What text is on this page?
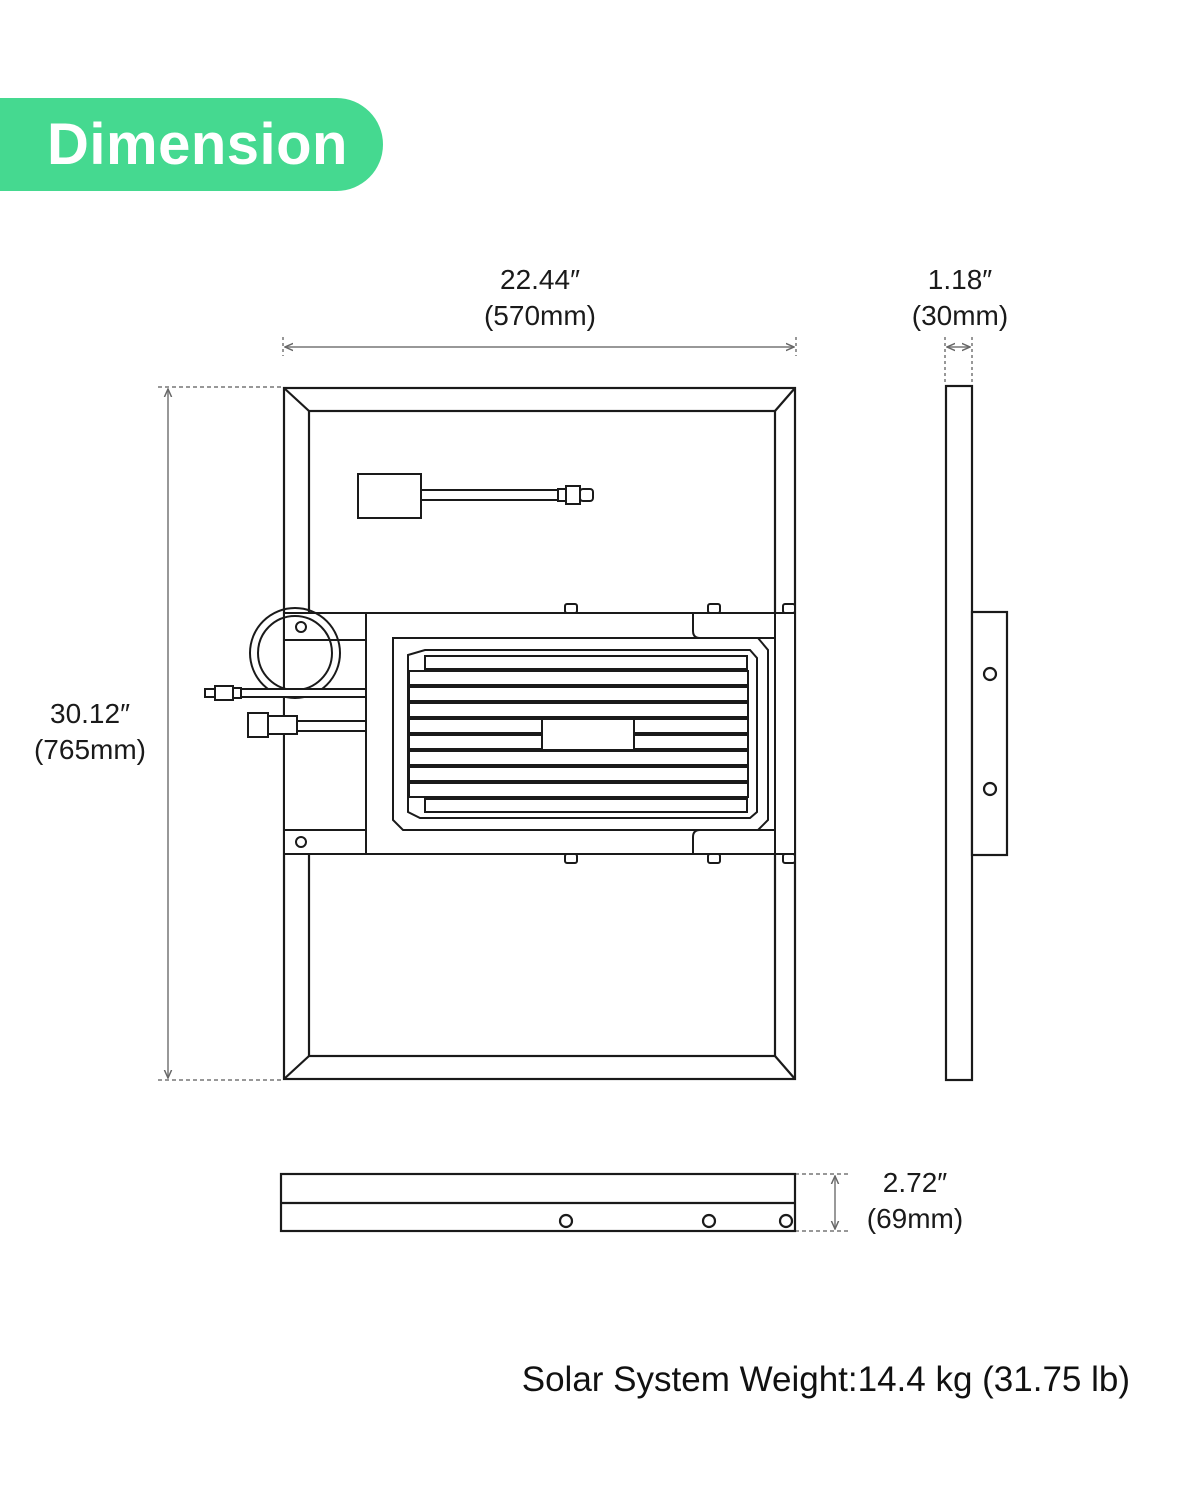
Dimension
22.44″
(570mm)
1.18″
(30mm)
30.12″
(765mm)
2.72″
(69mm)
Solar System Weight:14.4 kg (31.75 lb)
